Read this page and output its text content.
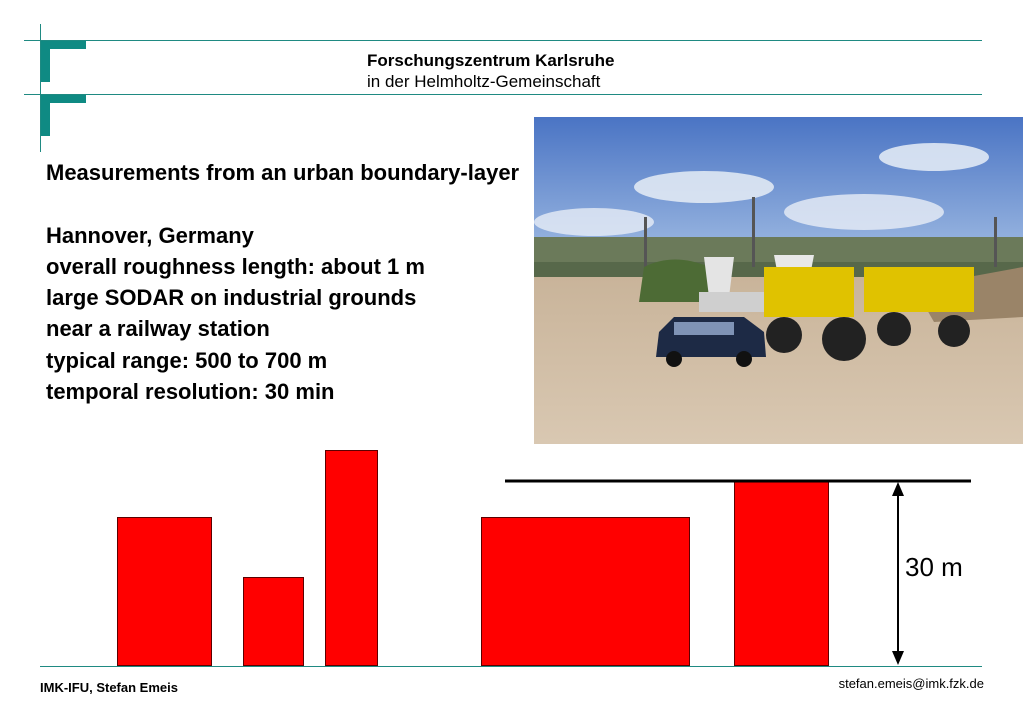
Forschungszentrum Karlsruhe
in der Helmholtz-Gemeinschaft
Measurements from an urban boundary-layer

Hannover, Germany
overall roughness length: about 1 m
large SODAR on industrial grounds
near a railway station
typical range: 500 to 700 m
temporal resolution: 30 min
30 m
IMK-IFU, Stefan Emeis	stefan.emeis@imk.fzk.de
